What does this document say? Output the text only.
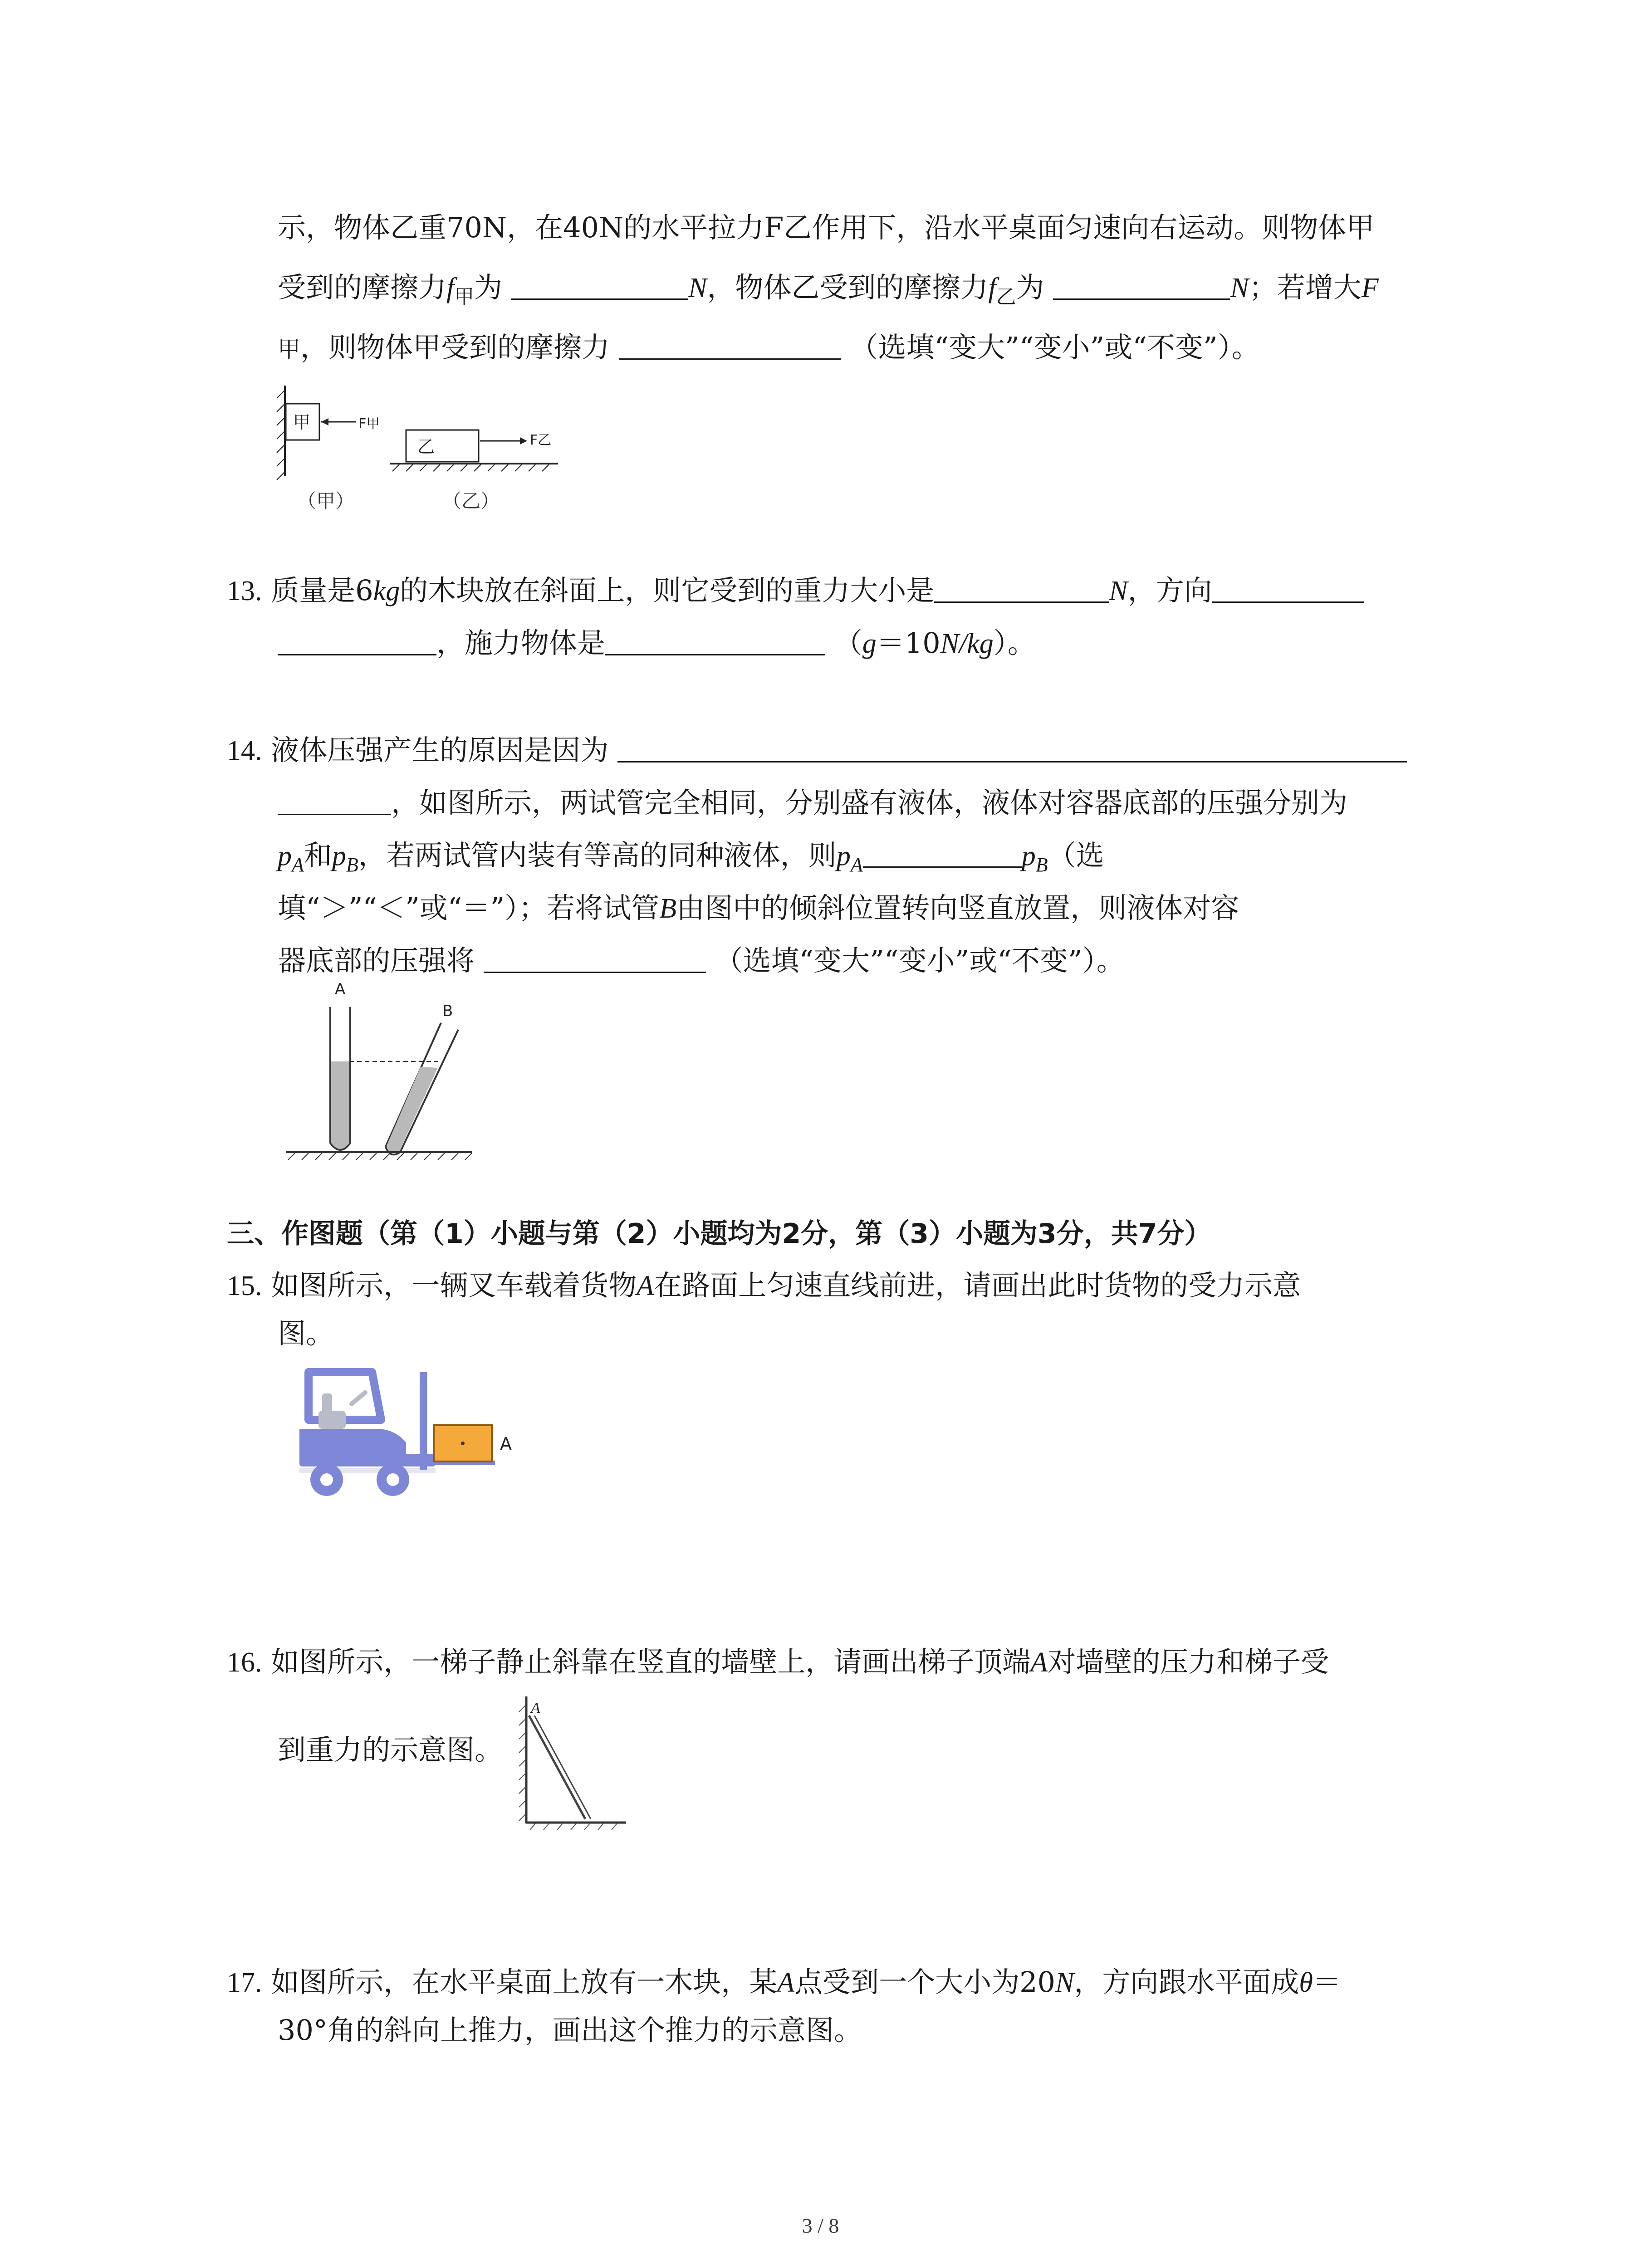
示，物体乙重70N，在40N的水平拉力F乙作用下，沿水平桌面匀速向右运动。则物体甲
受到的摩擦力$f_甲$为	N，物体乙受到的摩擦力$f_乙$为	N；若增大F
甲，则物体甲受到的摩擦力	（选填“变大”“变小”或“不变”）。
甲	F甲
乙	F乙
（甲）	（乙）
13. 质量是6kg的木块放在斜面上，则它受到的重力大小是	N，方向
，施力物体是	（g＝10N/kg）。
14. 液体压强产生的原因是因为
，如图所示，两试管完全相同，分别盛有液体，液体对容器底部的压强分别为
$p_A$和$p_B$，若两试管内装有等高的同种液体，则$p_A$	$p_B$（选
填“＞”“＜”或“＝”）；若将试管B由图中的倾斜位置转向竖直放置，则液体对容
器底部的压强将	（选填“变大”“变小”或“不变”）。
A
B
三、作图题（第（1）小题与第（2）小题均为2分，第（3）小题为3分，共7分）
15. 如图所示，一辆叉车载着货物A在路面上匀速直线前进，请画出此时货物的受力示意
图。
A
16. 如图所示，一梯子静止斜靠在竖直的墙壁上，请画出梯子顶端A对墙壁的压力和梯子受
到重力的示意图。
A
17. 如图所示，在水平桌面上放有一木块，某A点受到一个大小为20N，方向跟水平面成θ＝
30°角的斜向上推力，画出这个推力的示意图。
3 / 8
